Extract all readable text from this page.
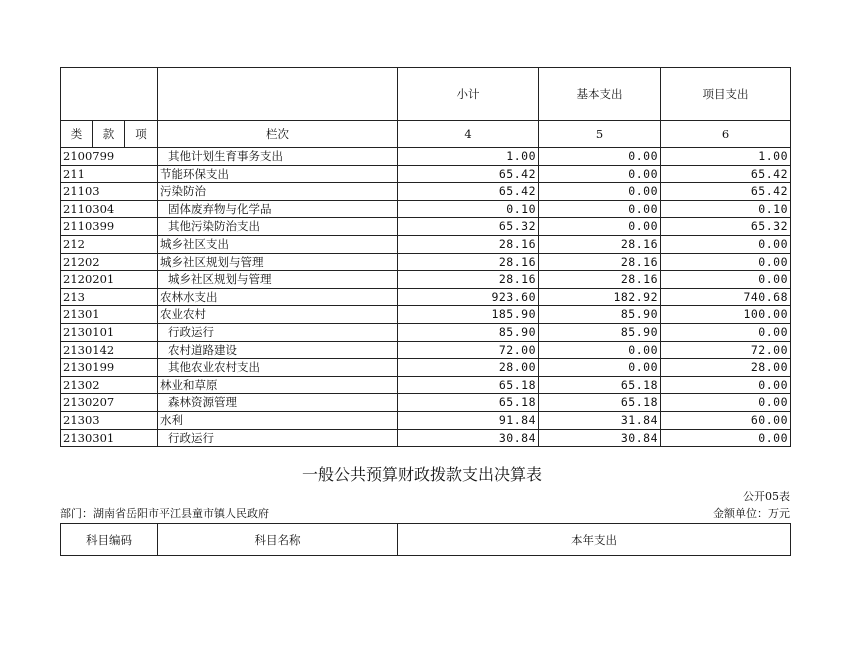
				小计	基本支出	项目支出
类	款	项	栏次	4	5	6
2100799			其他计划生育事务支出	1.00	0.00	1.00
211			节能环保支出	65.42	0.00	65.42
21103			污染防治	65.42	0.00	65.42
2110304			固体废弃物与化学品	0.10	0.00	0.10
2110399			其他污染防治支出	65.32	0.00	65.32
212			城乡社区支出	28.16	28.16	0.00
21202			城乡社区规划与管理	28.16	28.16	0.00
2120201			城乡社区规划与管理	28.16	28.16	0.00
213			农林水支出	923.60	182.92	740.68
21301			农业农村	185.90	85.90	100.00
2130101			行政运行	85.90	85.90	0.00
2130142			农村道路建设	72.00	0.00	72.00
2130199			其他农业农村支出	28.00	0.00	28.00
21302			林业和草原	65.18	65.18	0.00
2130207			森林资源管理	65.18	65.18	0.00
21303			水利	91.84	31.84	60.00
2130301			行政运行	30.84	30.84	0.00
一般公共预算财政拨款支出决算表
公开05表
部门：湖南省岳阳市平江县童市镇人民政府	金额单位：万元
科目编码	科目名称	本年支出
